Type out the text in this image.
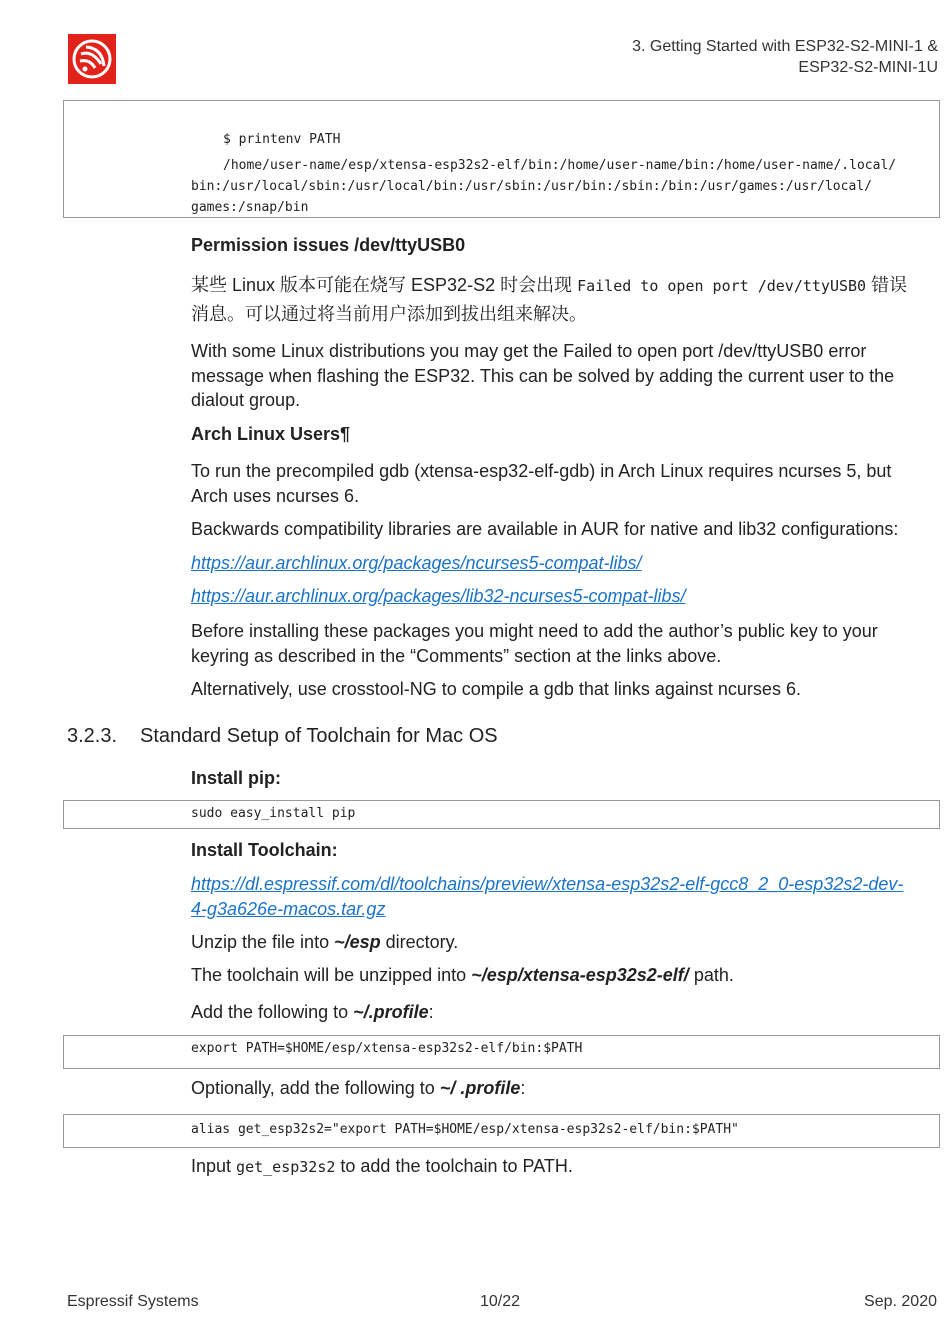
3. Getting Started with ESP32-S2-MINI-1 &
ESP32-S2-MINI-1U
$ printenv PATH
/home/user-name/esp/xtensa-esp32s2-elf/bin:/home/user-name/bin:/home/user-name/.local/
bin:/usr/local/sbin:/usr/local/bin:/usr/sbin:/usr/bin:/sbin:/bin:/usr/games:/usr/local/
games:/snap/bin
Permission issues /dev/ttyUSB0
某些 Linux 版本可能在烧写 ESP32-S2 时会出现 Failed to open port /dev/ttyUSB0 错误消息。可以通过将当前用户添加到拔出组来解决。
With some Linux distributions you may get the Failed to open port /dev/ttyUSB0 error message when flashing the ESP32. This can be solved by adding the current user to the dialout group.
Arch Linux Users¶
To run the precompiled gdb (xtensa-esp32-elf-gdb) in Arch Linux requires ncurses 5, but Arch uses ncurses 6.
Backwards compatibility libraries are available in AUR for native and lib32 configurations:
https://aur.archlinux.org/packages/ncurses5-compat-libs/
https://aur.archlinux.org/packages/lib32-ncurses5-compat-libs/
Before installing these packages you might need to add the author’s public key to your keyring as described in the “Comments” section at the links above.
Alternatively, use crosstool-NG to compile a gdb that links against ncurses 6.
3.2.3. Standard Setup of Toolchain for Mac OS
Install pip:
sudo easy_install pip
Install Toolchain:
https://dl.espressif.com/dl/toolchains/preview/xtensa-esp32s2-elf-gcc8_2_0-esp32s2-dev-4-g3a626e-macos.tar.gz
Unzip the file into ~/esp directory.
The toolchain will be unzipped into ~/esp/xtensa-esp32s2-elf/ path.
Add the following to ~/.profile:
export PATH=$HOME/esp/xtensa-esp32s2-elf/bin:$PATH
Optionally, add the following to ~/ .profile:
alias get_esp32s2="export PATH=$HOME/esp/xtensa-esp32s2-elf/bin:$PATH"
Input get_esp32s2 to add the toolchain to PATH.
Espressif Systems	10/22	Sep. 2020
